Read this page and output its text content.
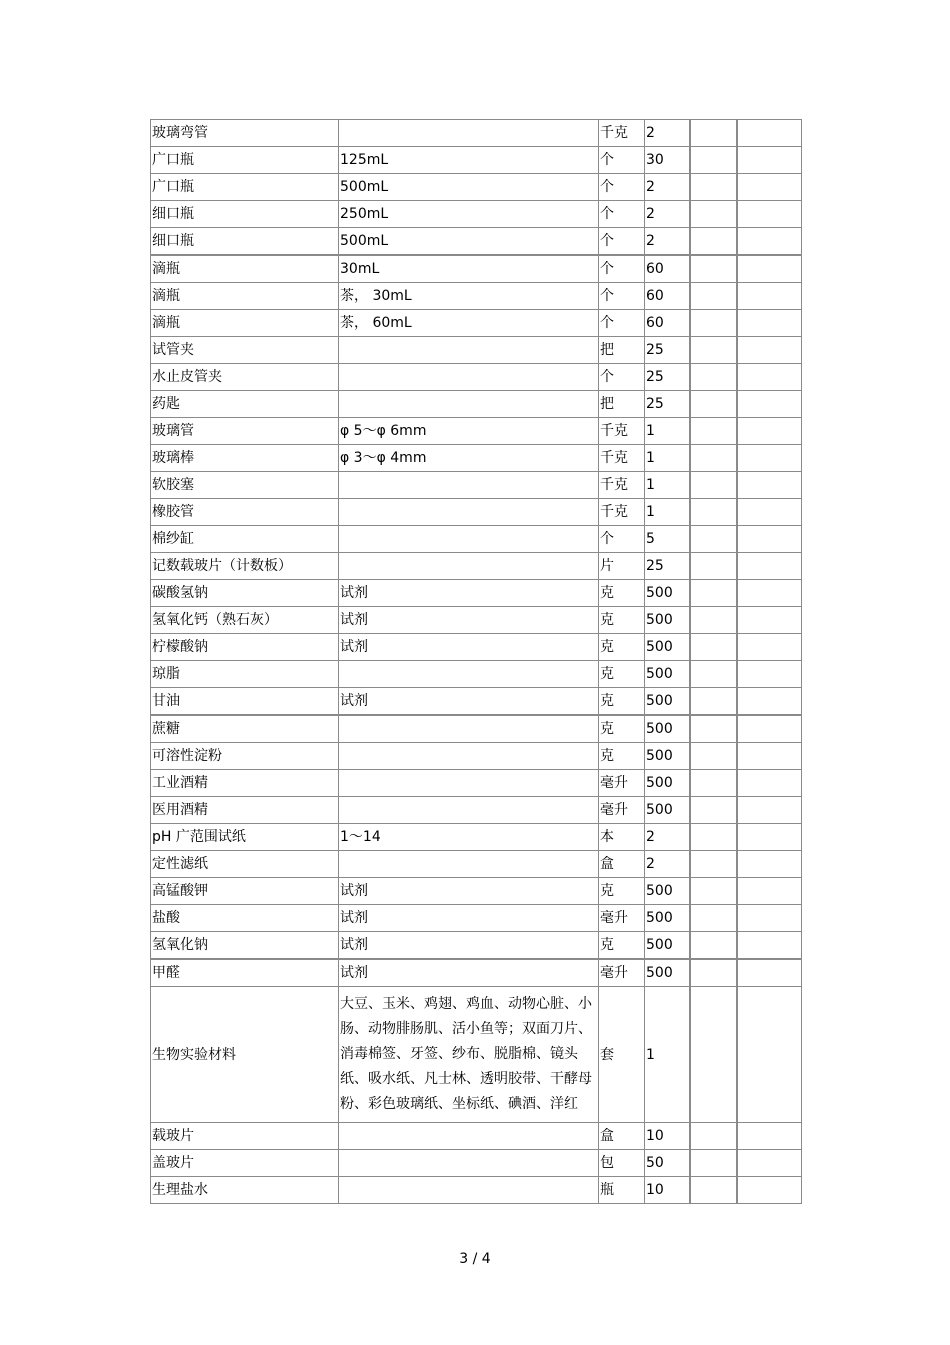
玻璃弯管		千克	2		
广口瓶	125mL	个	30		
广口瓶	500mL	个	2		
细口瓶	250mL	个	2		
细口瓶	500mL	个	2		
滴瓶	30mL	个	60		
滴瓶	茶， 30mL	个	60		
滴瓶	茶， 60mL	个	60		
试管夹		把	25		
水止皮管夹		个	25		
药匙		把	25		
玻璃管	φ 5～φ 6mm	千克	1		
玻璃棒	φ 3～φ 4mm	千克	1		
软胶塞		千克	1		
橡胶管		千克	1		
棉纱缸		个	5		
记数载玻片（计数板）		片	25		
碳酸氢钠	试剂	克	500		
氢氧化钙（熟石灰）	试剂	克	500		
柠檬酸钠	试剂	克	500		
琼脂		克	500		
甘油	试剂	克	500		
蔗糖		克	500		
可溶性淀粉		克	500		
工业酒精		毫升	500		
医用酒精		毫升	500		
pH 广范围试纸	1～14	本	2		
定性滤纸		盒	2		
高锰酸钾	试剂	克	500		
盐酸	试剂	毫升	500		
氢氧化钠	试剂	克	500		
甲醛	试剂	毫升	500		
生物实验材料	大豆、玉米、鸡翅、鸡血、动物心脏、小肠、动物腓肠肌、活小鱼等；双面刀片、消毒棉签、牙签、纱布、脱脂棉、镜头纸、吸水纸、凡士林、透明胶带、干酵母粉、彩色玻璃纸、坐标纸、碘酒、洋红	套	1		
载玻片		盒	10		
盖玻片		包	50		
生理盐水		瓶	10		
3 / 4
